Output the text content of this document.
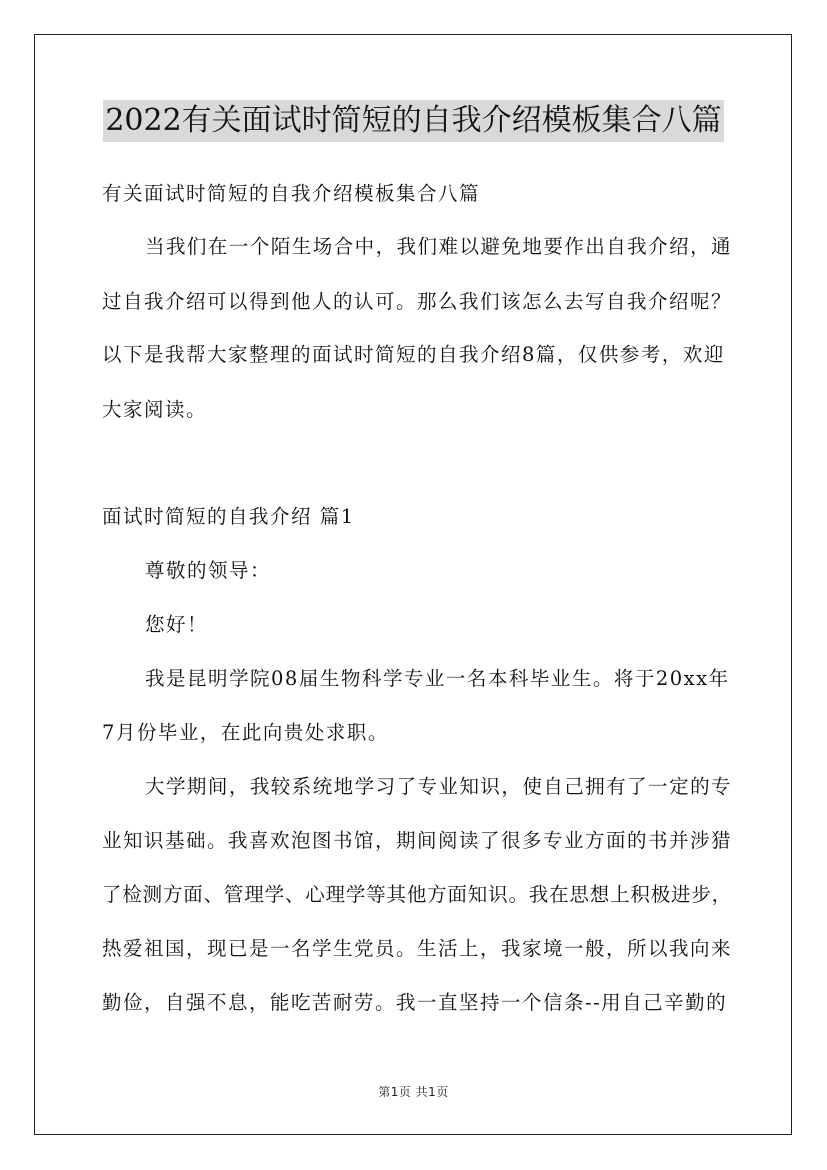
2022有关面试时简短的自我介绍模板集合八篇
有关面试时简短的自我介绍模板集合八篇
当我们在一个陌生场合中，我们难以避免地要作出自我介绍，通
过自我介绍可以得到他人的认可。那么我们该怎么去写自我介绍呢？
以下是我帮大家整理的面试时简短的自我介绍8篇，仅供参考，欢迎
大家阅读。
面试时简短的自我介绍 篇1
尊敬的领导：
您好！
我是昆明学院08届生物科学专业一名本科毕业生。将于20xx年
7月份毕业，在此向贵处求职。
大学期间，我较系统地学习了专业知识，使自己拥有了一定的专
业知识基础。我喜欢泡图书馆，期间阅读了很多专业方面的书并涉猎
了检测方面、管理学、心理学等其他方面知识。我在思想上积极进步，
热爱祖国，现已是一名学生党员。生活上，我家境一般，所以我向来
勤俭，自强不息，能吃苦耐劳。我一直坚持一个信条--用自己辛勤的
第1页 共1页
